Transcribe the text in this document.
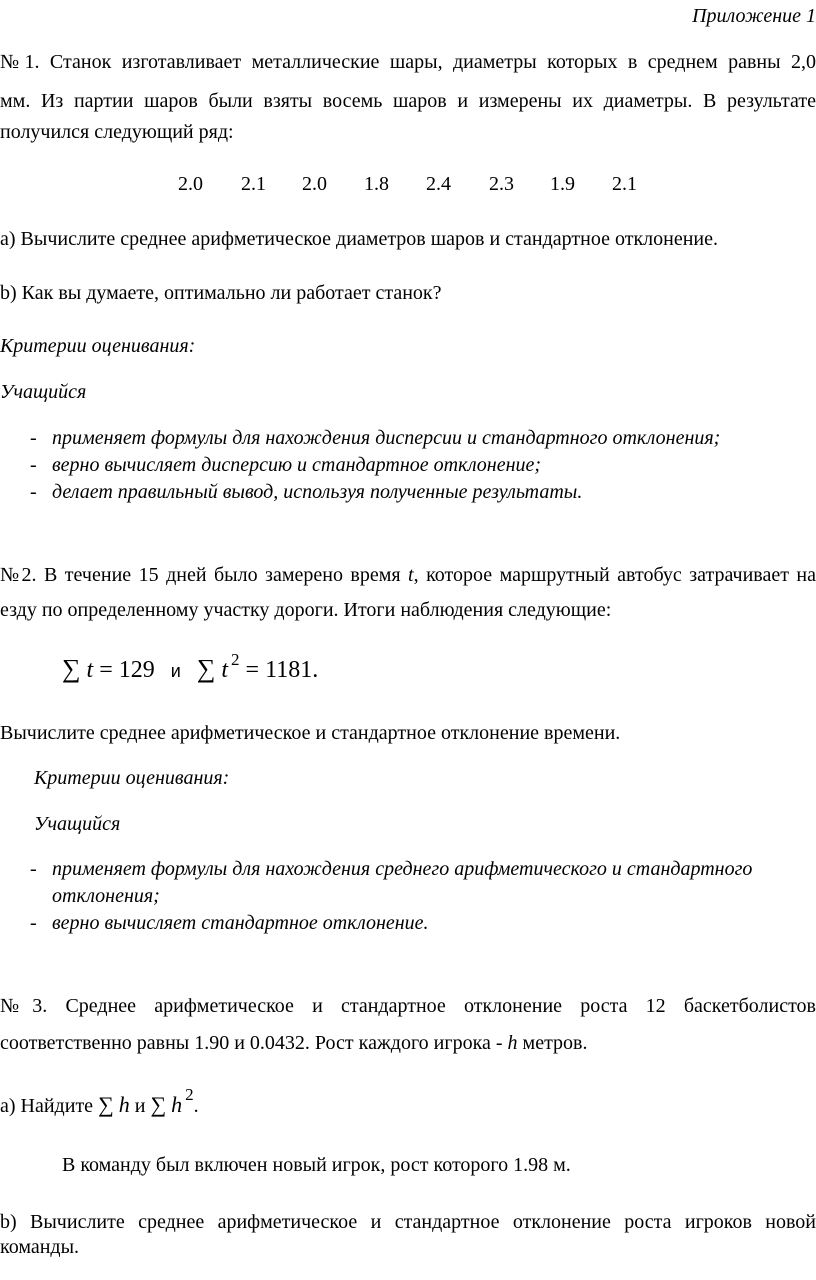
Приложение 1
№1. Станок изготавливает металлические шары, диаметры которых в среднем равны 2,0
мм. Из партии шаров были взяты восемь шаров и измерены их диаметры. В результате
получился следующий ряд:
2.0 2.1 2.0 1.8 2.4 2.3 1.9 2.1
а) Вычислите среднее арифметическое диаметров шаров и стандартное отклонение.
b) Как вы думаете, оптимально ли работает станок?
Критерии оценивания:
Учащийся
- применяет формулы для нахождения дисперсии и стандартного отклонения;
- верно вычисляет дисперсию и стандартное отклонение;
- делает правильный вывод, используя полученные результаты.
№2. В течение 15 дней было замерено время t, которое маршрутный автобус затрачивает на
езду по определенному участку дороги. Итоги наблюдения следующие:
∑ t = 129 и ∑ t $^2$ = 1181.
Вычислите среднее арифметическое и стандартное отклонение времени.
Критерии оценивания:
Учащийся
- применяет формулы для нахождения среднего арифметического и стандартного
отклонения;
- верно вычисляет стандартное отклонение.
№3. Среднее арифметическое и стандартное отклонение роста 12 баскетболистов
соответственно равны 1.90 и 0.0432. Рост каждого игрока - h метров.
а) Найдите ∑ h и ∑ h $^2$.
В команду был включен новый игрок, рост которого 1.98 м.
b) Вычислите среднее арифметическое и стандартное отклонение роста игроков новой
команды.
